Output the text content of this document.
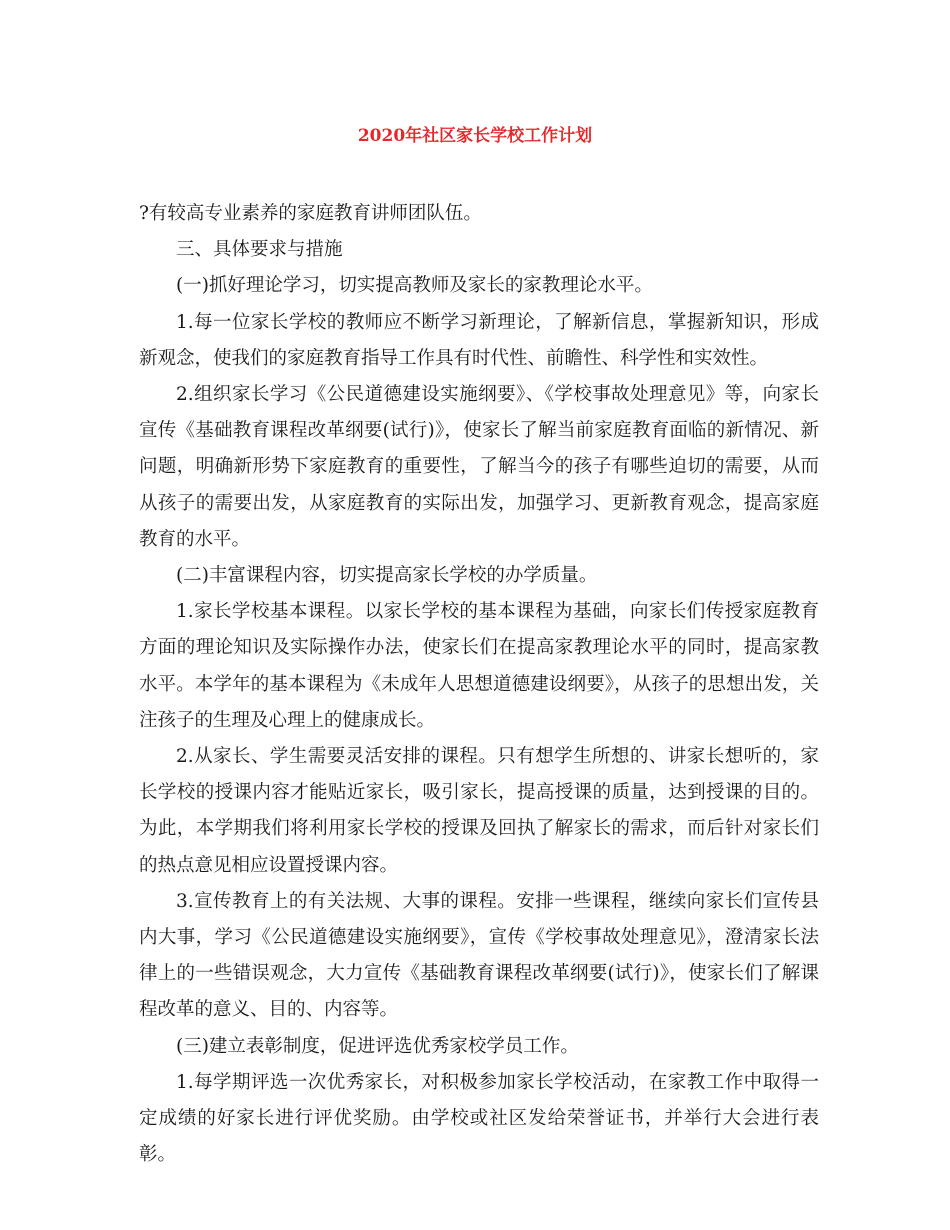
2020年社区家长学校工作计划

?有较高专业素养的家庭教育讲师团队伍。

三、具体要求与措施

(一)抓好理论学习，切实提高教师及家长的家教理论水平。

1.每一位家长学校的教师应不断学习新理论，了解新信息，掌握新知识，形成新观念，使我们的家庭教育指导工作具有时代性、前瞻性、科学性和实效性。

2.组织家长学习《公民道德建设实施纲要》、《学校事故处理意见》等，向家长宣传《基础教育课程改革纲要(试行)》，使家长了解当前家庭教育面临的新情况、新问题，明确新形势下家庭教育的重要性，了解当今的孩子有哪些迫切的需要，从而从孩子的需要出发，从家庭教育的实际出发，加强学习、更新教育观念，提高家庭教育的水平。

(二)丰富课程内容，切实提高家长学校的办学质量。

1.家长学校基本课程。以家长学校的基本课程为基础，向家长们传授家庭教育方面的理论知识及实际操作办法，使家长们在提高家教理论水平的同时，提高家教水平。本学年的基本课程为《未成年人思想道德建设纲要》，从孩子的思想出发，关注孩子的生理及心理上的健康成长。

2.从家长、学生需要灵活安排的课程。只有想学生所想的、讲家长想听的，家长学校的授课内容才能贴近家长，吸引家长，提高授课的质量，达到授课的目的。为此，本学期我们将利用家长学校的授课及回执了解家长的需求，而后针对家长们的热点意见相应设置授课内容。

3.宣传教育上的有关法规、大事的课程。安排一些课程，继续向家长们宣传县内大事，学习《公民道德建设实施纲要》，宣传《学校事故处理意见》，澄清家长法律上的一些错误观念，大力宣传《基础教育课程改革纲要(试行)》，使家长们了解课程改革的意义、目的、内容等。

(三)建立表彰制度，促进评选优秀家校学员工作。

1.每学期评选一次优秀家长，对积极参加家长学校活动，在家教工作中取得一定成绩的好家长进行评优奖励。由学校或社区发给荣誉证书，并举行大会进行表彰。
